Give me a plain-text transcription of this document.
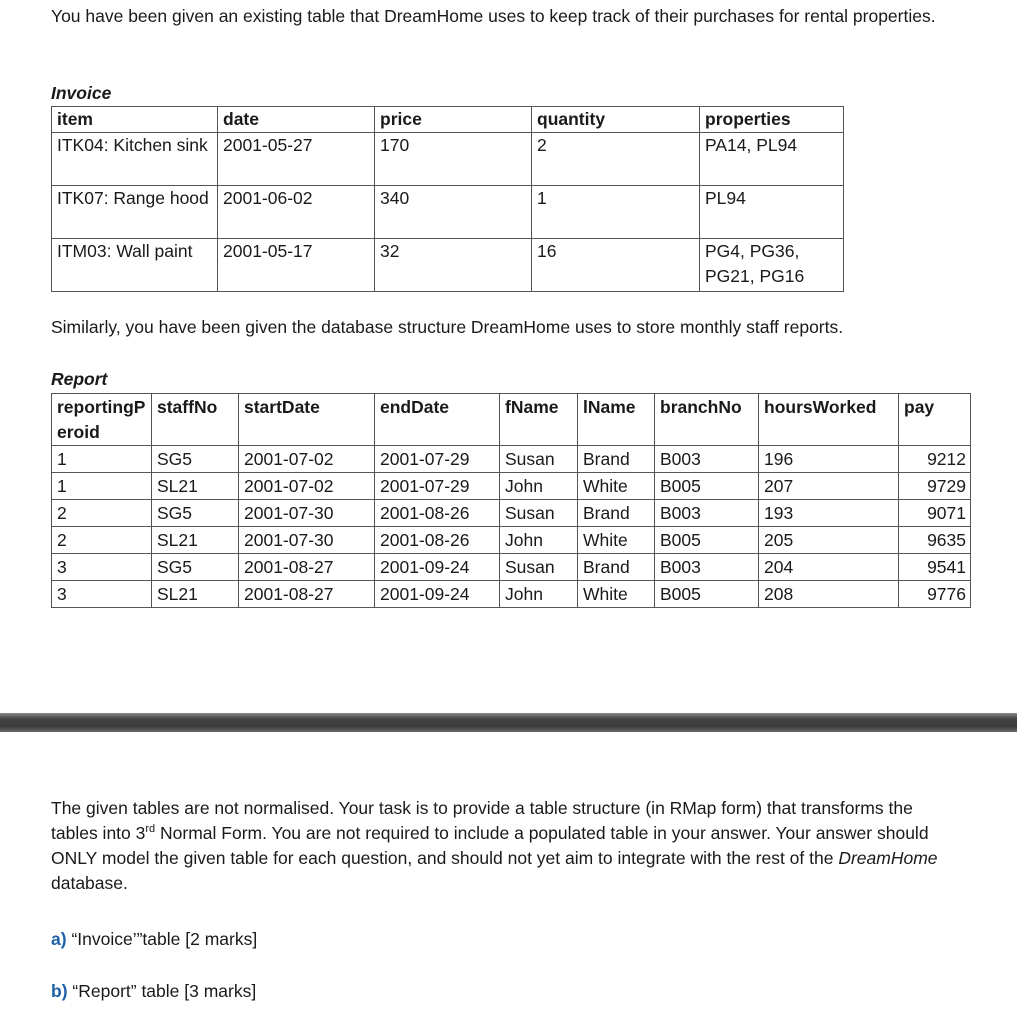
You have been given an existing table that DreamHome uses to keep track of their purchases for rental properties.

Invoice

item	date	price	quantity	properties
ITK04: Kitchen sink	2001-05-27	170	2	PA14, PL94
ITK07: Range hood	2001-06-02	340	1	PL94
ITM03: Wall paint	2001-05-17	32	16	PG4, PG36, PG21, PG16

Similarly, you have been given the database structure DreamHome uses to store monthly staff reports.

Report

reportingPeroid	staffNo	startDate	endDate	fName	lName	branchNo	hoursWorked	pay
1	SG5	2001-07-02	2001-07-29	Susan	Brand	B003	196	9212
1	SL21	2001-07-02	2001-07-29	John	White	B005	207	9729
2	SG5	2001-07-30	2001-08-26	Susan	Brand	B003	193	9071
2	SL21	2001-07-30	2001-08-26	John	White	B005	205	9635
3	SG5	2001-08-27	2001-09-24	Susan	Brand	B003	204	9541
3	SL21	2001-08-27	2001-09-24	John	White	B005	208	9776

The given tables are not normalised. Your task is to provide a table structure (in RMap form) that transforms the tables into 3rd Normal Form. You are not required to include a populated table in your answer. Your answer should ONLY model the given table for each question, and should not yet aim to integrate with the rest of the DreamHome database.

a) “Invoice’”table [2 marks]

b) “Report” table [3 marks]
